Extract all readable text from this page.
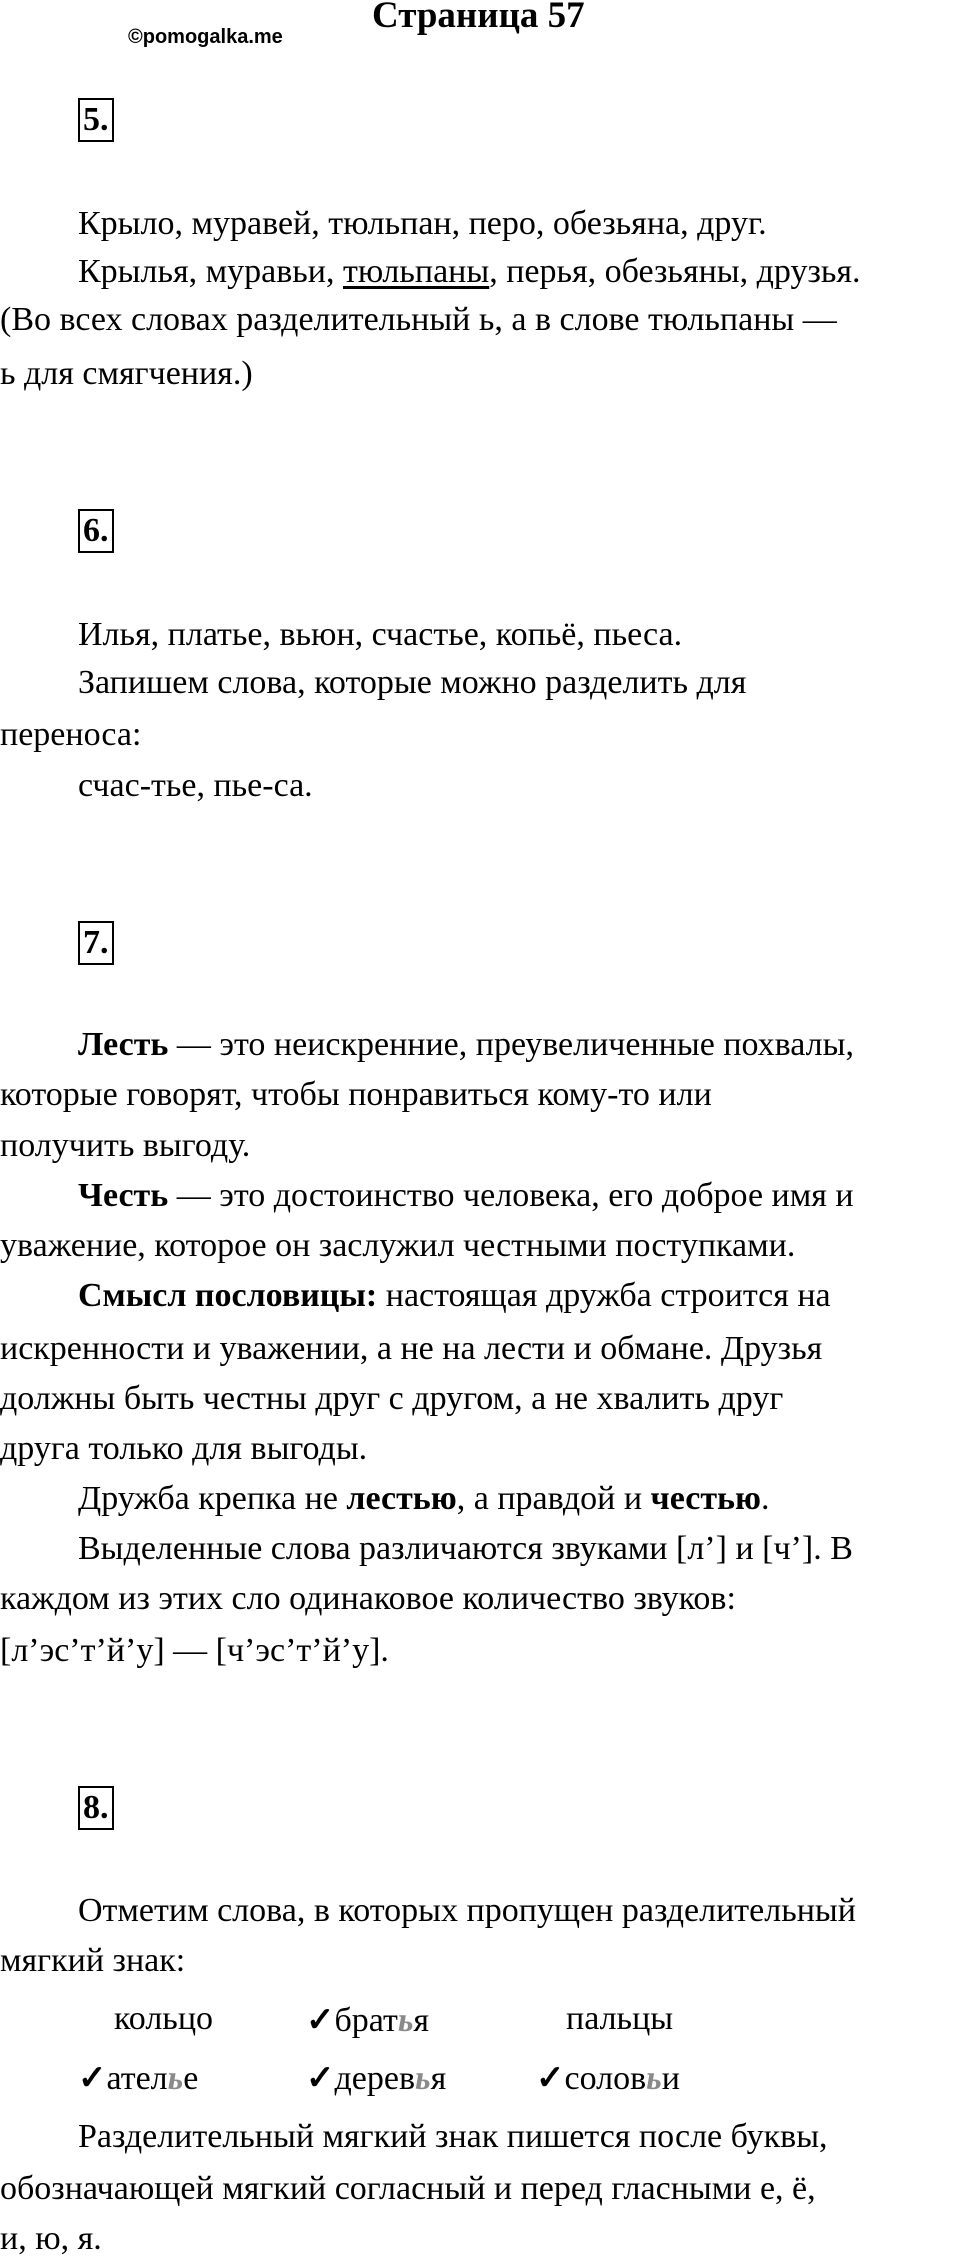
©pomogalka.me
Страница 57
5.
Крыло, муравей, тюльпан, перо, обезьяна, друг.
Крылья, муравьи, тюльпаны, перья, обезьяны, друзья.
(Во всех словах разделительный ь, а в слове тюльпаны —
ь для смягчения.)
6.
Илья, платье, вьюн, счастье, копьё, пьеса.
Запишем слова, которые можно разделить для
переноса:
счас-тье, пье-са.
7.
Лесть — это неискренние, преувеличенные похвалы,
которые говорят, чтобы понравиться кому-то или
получить выгоду.
Честь — это достоинство человека, его доброе имя и
уважение, которое он заслужил честными поступками.
Смысл пословицы: настоящая дружба строится на
искренности и уважении, а не на лести и обмане. Друзья
должны быть честны друг с другом, а не хвалить друг
друга только для выгоды.
Дружба крепка не лестью, а правдой и честью.
Выделенные слова различаются звуками [л’] и [ч’]. В
каждом из этих сло одинаковое количество звуков:
[л’эс’т’й’у] — [ч’эс’т’й’у].
8.
Отметим слова, в которых пропущен разделительный
мягкий знак:
кольцо	✓братья	пальцы
✓ателье	✓деревья	✓соловьи
Разделительный мягкий знак пишется после буквы,
обозначающей мягкий согласный и перед гласными е, ё,
и, ю, я.
